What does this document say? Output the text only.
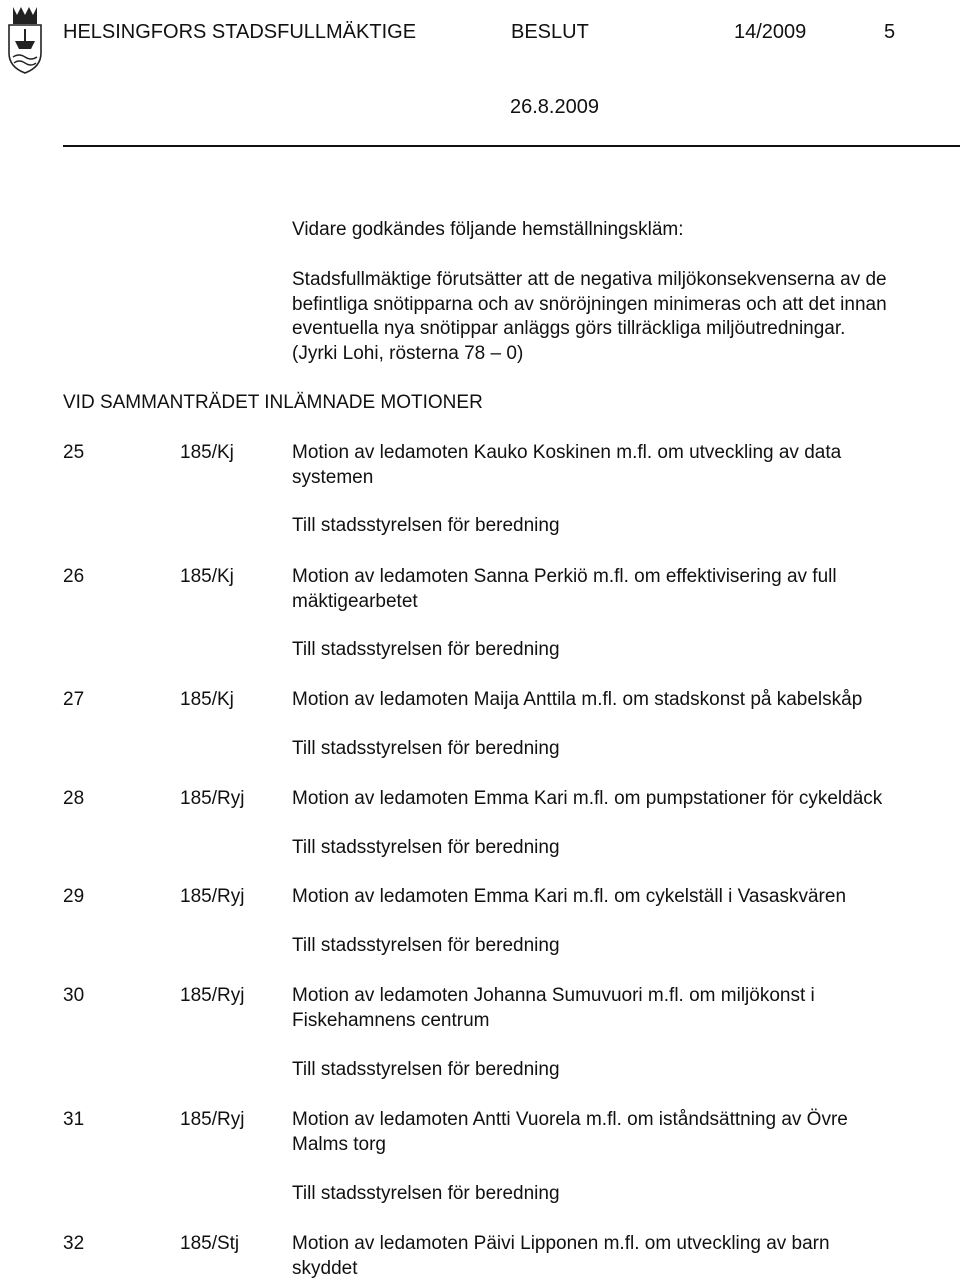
HELSINGFORS STADSFULLMÄKTIGE	BESLUT	14/2009	5
26.8.2009
Vidare godkändes följande hemställningskläm:
Stadsfullmäktige förutsätter att de negativa miljökonsekvenserna av de
befintliga snötipparna och av snöröjningen minimeras och att det innan
eventuella nya snötippar anläggs görs tillräckliga miljöutredningar.
(Jyrki Lohi, rösterna 78 – 0)
VID SAMMANTRÄDET INLÄMNADE MOTIONER
25	185/Kj	Motion av ledamoten Kauko Koskinen m.fl. om utveckling av data
systemen
Till stadsstyrelsen för beredning
26	185/Kj	Motion av ledamoten Sanna Perkiö m.fl. om effektivisering av full
mäktigearbetet
Till stadsstyrelsen för beredning
27	185/Kj	Motion av ledamoten Maija Anttila m.fl. om stadskonst på kabelskåp
Till stadsstyrelsen för beredning
28	185/Ryj	Motion av ledamoten Emma Kari m.fl. om pumpstationer för cykeldäck
Till stadsstyrelsen för beredning
29	185/Ryj	Motion av ledamoten Emma Kari m.fl. om cykelställ i Vasaskvären
Till stadsstyrelsen för beredning
30	185/Ryj	Motion av ledamoten Johanna Sumuvuori m.fl. om miljökonst i
Fiskehamnens centrum
Till stadsstyrelsen för beredning
31	185/Ryj	Motion av ledamoten Antti Vuorela m.fl. om iståndsättning av Övre
Malms torg
Till stadsstyrelsen för beredning
32	185/Stj	Motion av ledamoten Päivi Lipponen m.fl. om utveckling av barn
skyddet
